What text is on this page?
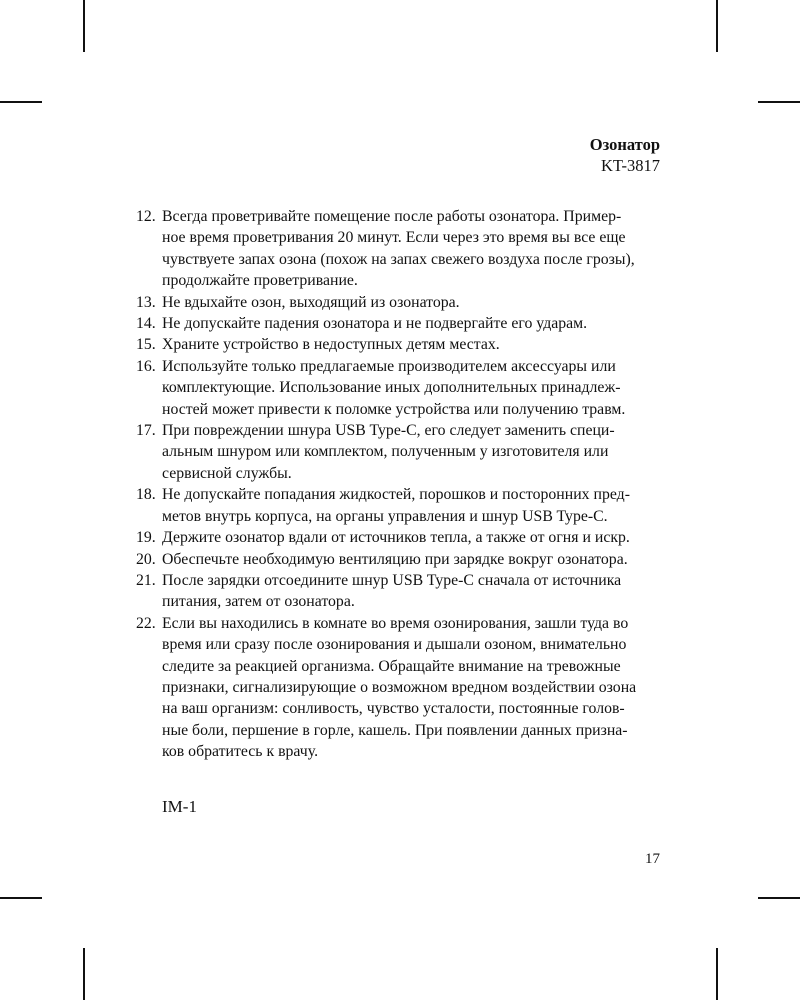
Озонатор
KT-3817
12. Всегда проветривайте помещение после работы озонатора. Пример-
ное время проветривания 20 минут. Если через это время вы все еще
чувствуете запах озона (похож на запах свежего воздуха после грозы),
продолжайте проветривание.
13. Не вдыхайте озон, выходящий из озонатора.
14. Не допускайте падения озонатора и не подвергайте его ударам.
15. Храните устройство в недоступных детям местах.
16. Используйте только предлагаемые производителем аксессуары или
комплектующие. Использование иных дополнительных принадлеж-
ностей может привести к поломке устройства или получению травм.
17. При повреждении шнура USB Type-C, его следует заменить специ-
альным шнуром или комплектом, полученным у изготовителя или
сервисной службы.
18. Не допускайте попадания жидкостей, порошков и посторонних пред-
метов внутрь корпуса, на органы управления и шнур USB Type-C.
19. Держите озонатор вдали от источников тепла, а также от огня и искр.
20. Обеспечьте необходимую вентиляцию при зарядке вокруг озонатора.
21. После зарядки отсоедините шнур USB Type-C сначала от источника
питания, затем от озонатора.
22. Если вы находились в комнате во время озонирования, зашли туда во
время или сразу после озонирования и дышали озоном, внимательно
следите за реакцией организма. Обращайте внимание на тревожные
признаки, сигнализирующие о возможном вредном воздействии озона
на ваш организм: сонливость, чувство усталости, постоянные голов-
ные боли, першение в горле, кашель. При появлении данных призна-
ков обратитесь к врачу.
IM-1
17
